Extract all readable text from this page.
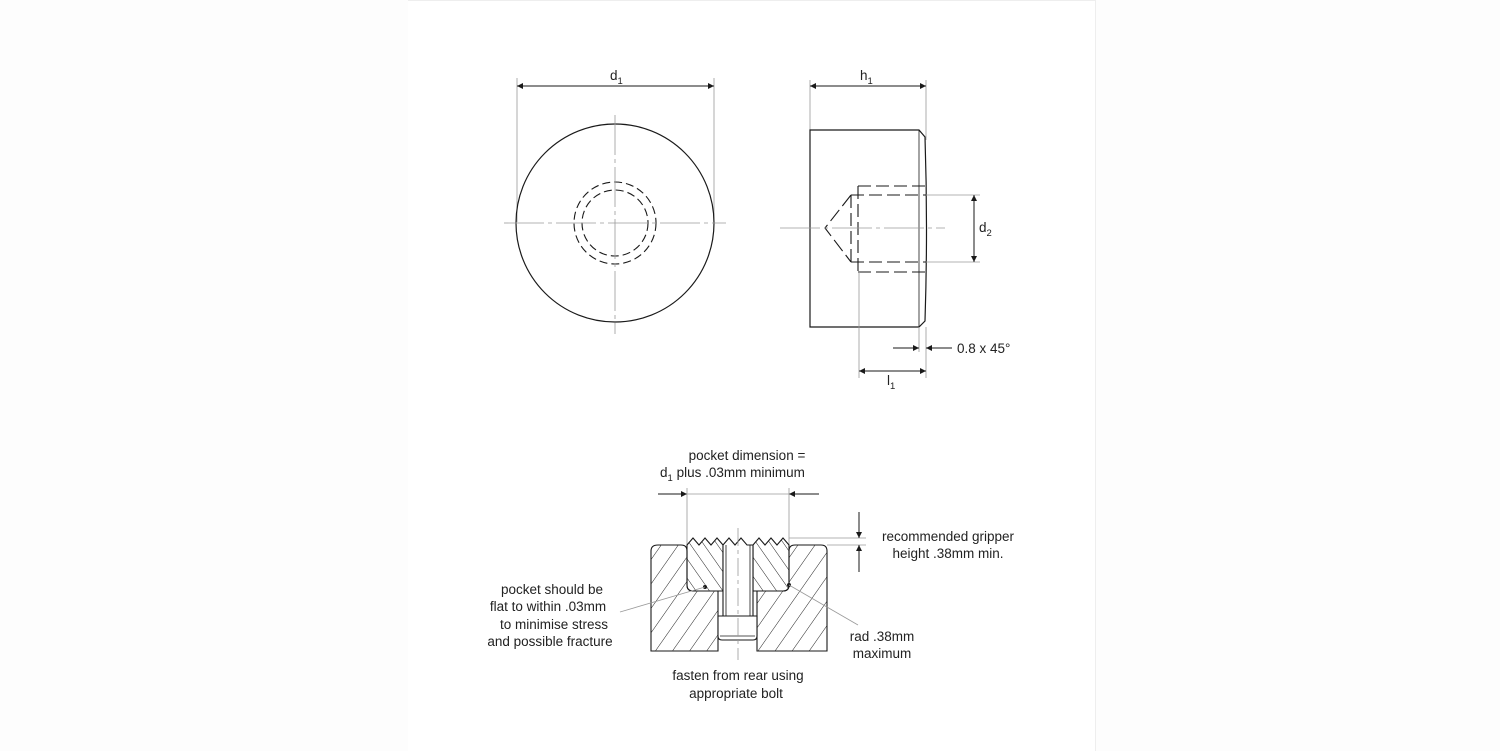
$d_1$	$h_1$
$d_2$
0.8 x 45°
$l_1$
pocket dimension =
$d_1$ plus .03mm minimum
recommended gripper
height .38mm min.
pocket should be
flat to within .03mm
to minimise stress
and possible fracture	rad .38mm
maximum
fasten from rear using
appropriate bolt
